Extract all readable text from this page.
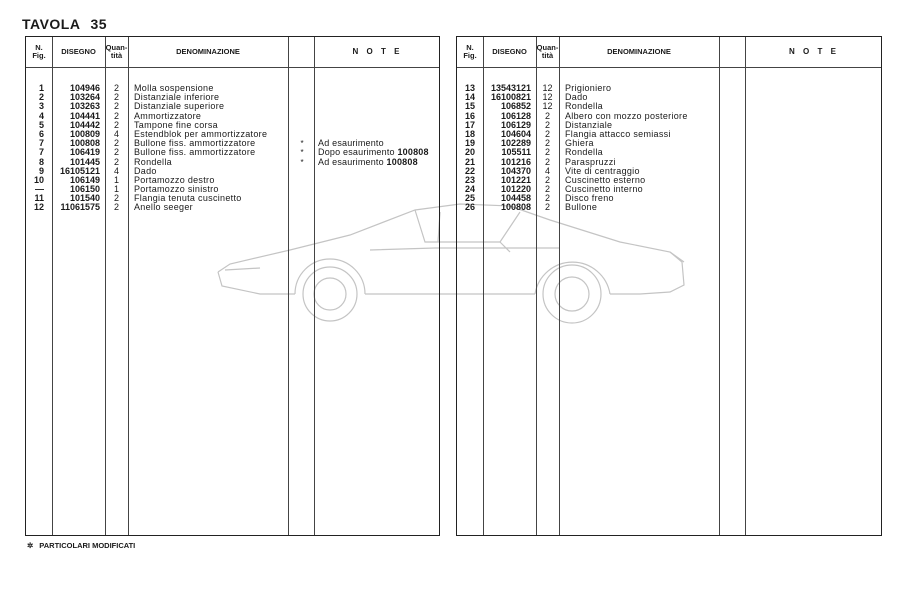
TAVOLA 35
N.
Fig.	DISEGNO	Quan-
tità	DENOMINAZIONE	N O T E
1	104946	2	Molla sospensione
2	103264	2	Distanziale inferiore
3	103263	2	Distanziale superiore
4	104441	2	Ammortizzatore
5	104442	2	Tampone fine corsa
6	100809	4	Estendblok per ammortizzatore
7	100808	2	Bullone fiss. ammortizzatore	*	Ad esaurimento
7	106419	2	Bullone fiss. ammortizzatore	*	Dopo esaurimento 100808
8	101445	2	Rondella	*	Ad esaurimento 100808
9	16105121	4	Dado
10	106149	1	Portamozzo destro
—	106150	1	Portamozzo sinistro
11	101540	2	Flangia tenuta cuscinetto
12	11061575	2	Anello seeger
N.
Fig.	DISEGNO	Quan-
tità	DENOMINAZIONE	N O T E
13	13543121	12	Prigioniero
14	16100821	12	Dado
15	106852	12	Rondella
16	106128	2	Albero con mozzo posteriore
17	106129	2	Distanziale
18	104604	2	Flangia attacco semiassi
19	102289	2	Ghiera
20	105511	2	Rondella
21	101216	2	Paraspruzzi
22	104370	4	Vite di centraggio
23	101221	2	Cuscinetto esterno
24	101220	2	Cuscinetto interno
25	104458	2	Disco freno
26	100808	2	Bullone
✲ PARTICOLARI MODIFICATI
